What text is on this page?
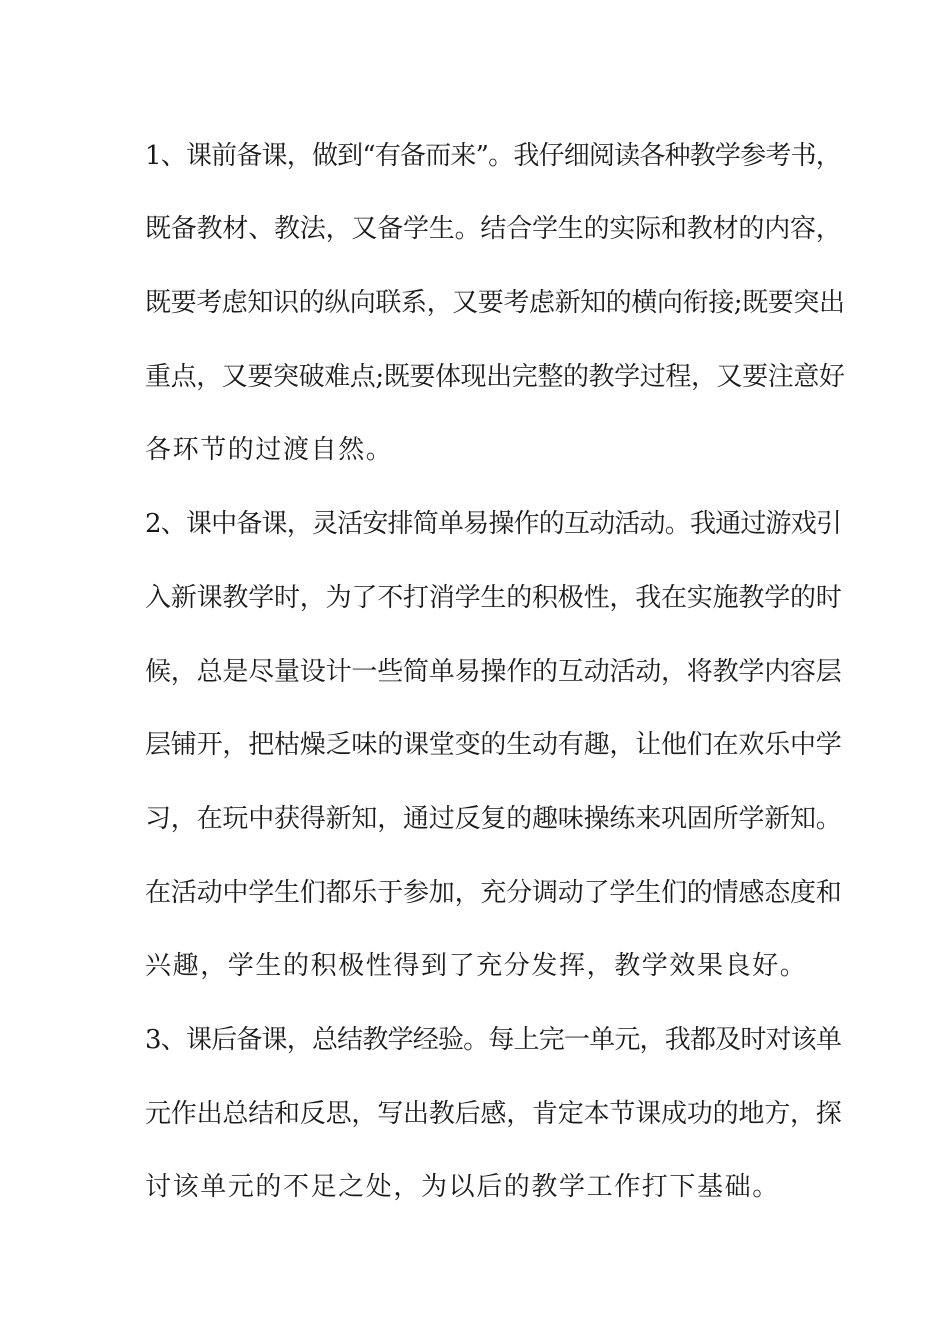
1、课前备课，做到“有备而来”。我仔细阅读各种教学参考书，
既备教材、教法，又备学生。结合学生的实际和教材的内容，
既要考虑知识的纵向联系，又要考虑新知的横向衔接;既要突出
重点，又要突破难点;既要体现出完整的教学过程，又要注意好
各环节的过渡自然。
2、课中备课，灵活安排简单易操作的互动活动。我通过游戏引
入新课教学时，为了不打消学生的积极性，我在实施教学的时
候，总是尽量设计一些简单易操作的互动活动，将教学内容层
层铺开，把枯燥乏味的课堂变的生动有趣，让他们在欢乐中学
习，在玩中获得新知，通过反复的趣味操练来巩固所学新知。
在活动中学生们都乐于参加，充分调动了学生们的情感态度和
兴趣，学生的积极性得到了充分发挥，教学效果良好。
3、课后备课，总结教学经验。每上完一单元，我都及时对该单
元作出总结和反思，写出教后感，肯定本节课成功的地方，探
讨该单元的不足之处，为以后的教学工作打下基础。
